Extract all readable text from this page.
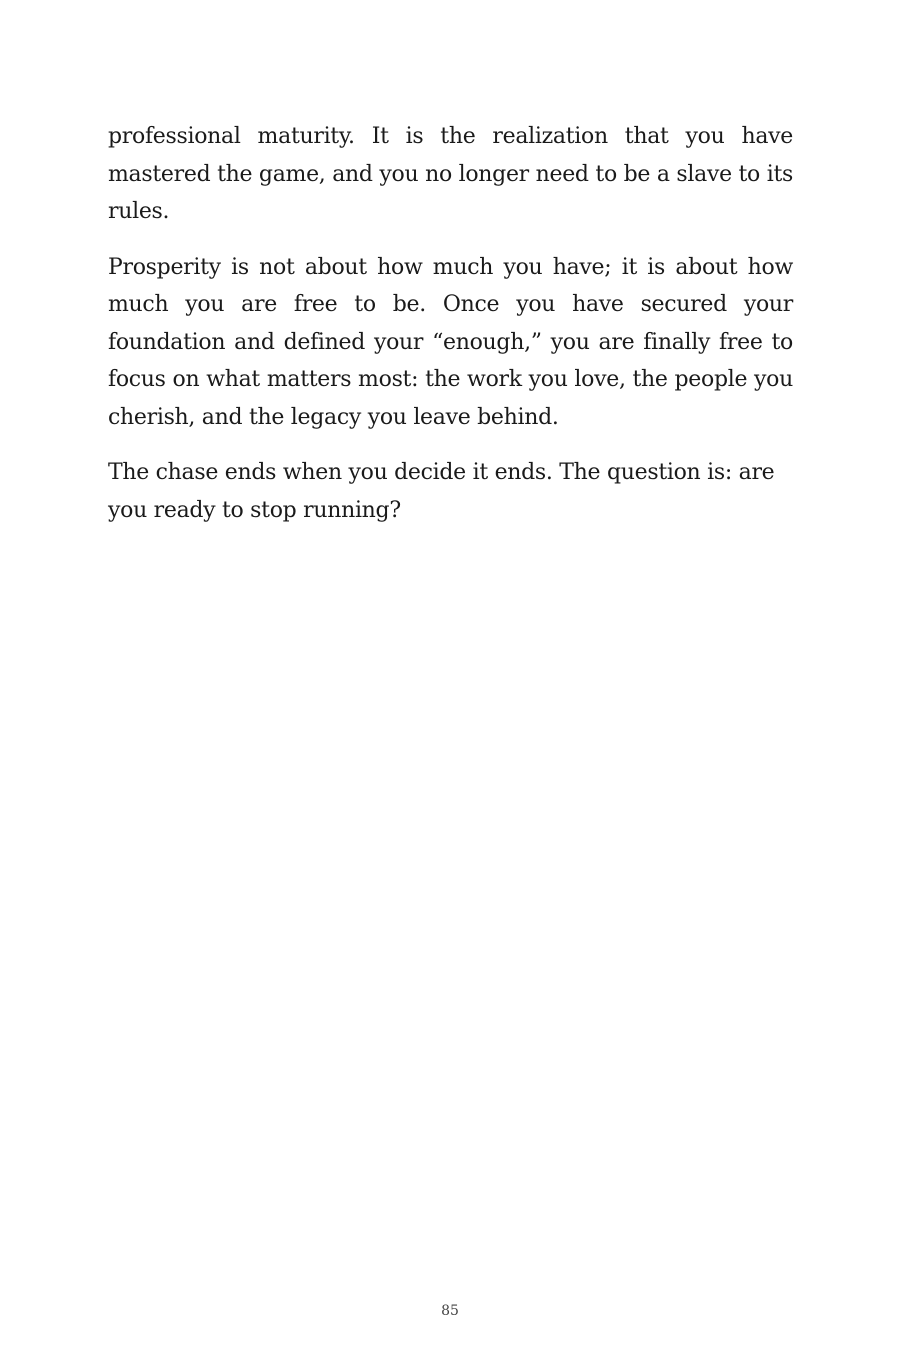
professional maturity. It is the realization that you have mastered the game, and you no longer need to be a slave to its rules.

Prosperity is not about how much you have; it is about how much you are free to be. Once you have secured your foundation and defined your “enough,” you are finally free to focus on what matters most: the work you love, the people you cherish, and the legacy you leave behind.

The chase ends when you decide it ends. The question is: are you ready to stop running?

85
